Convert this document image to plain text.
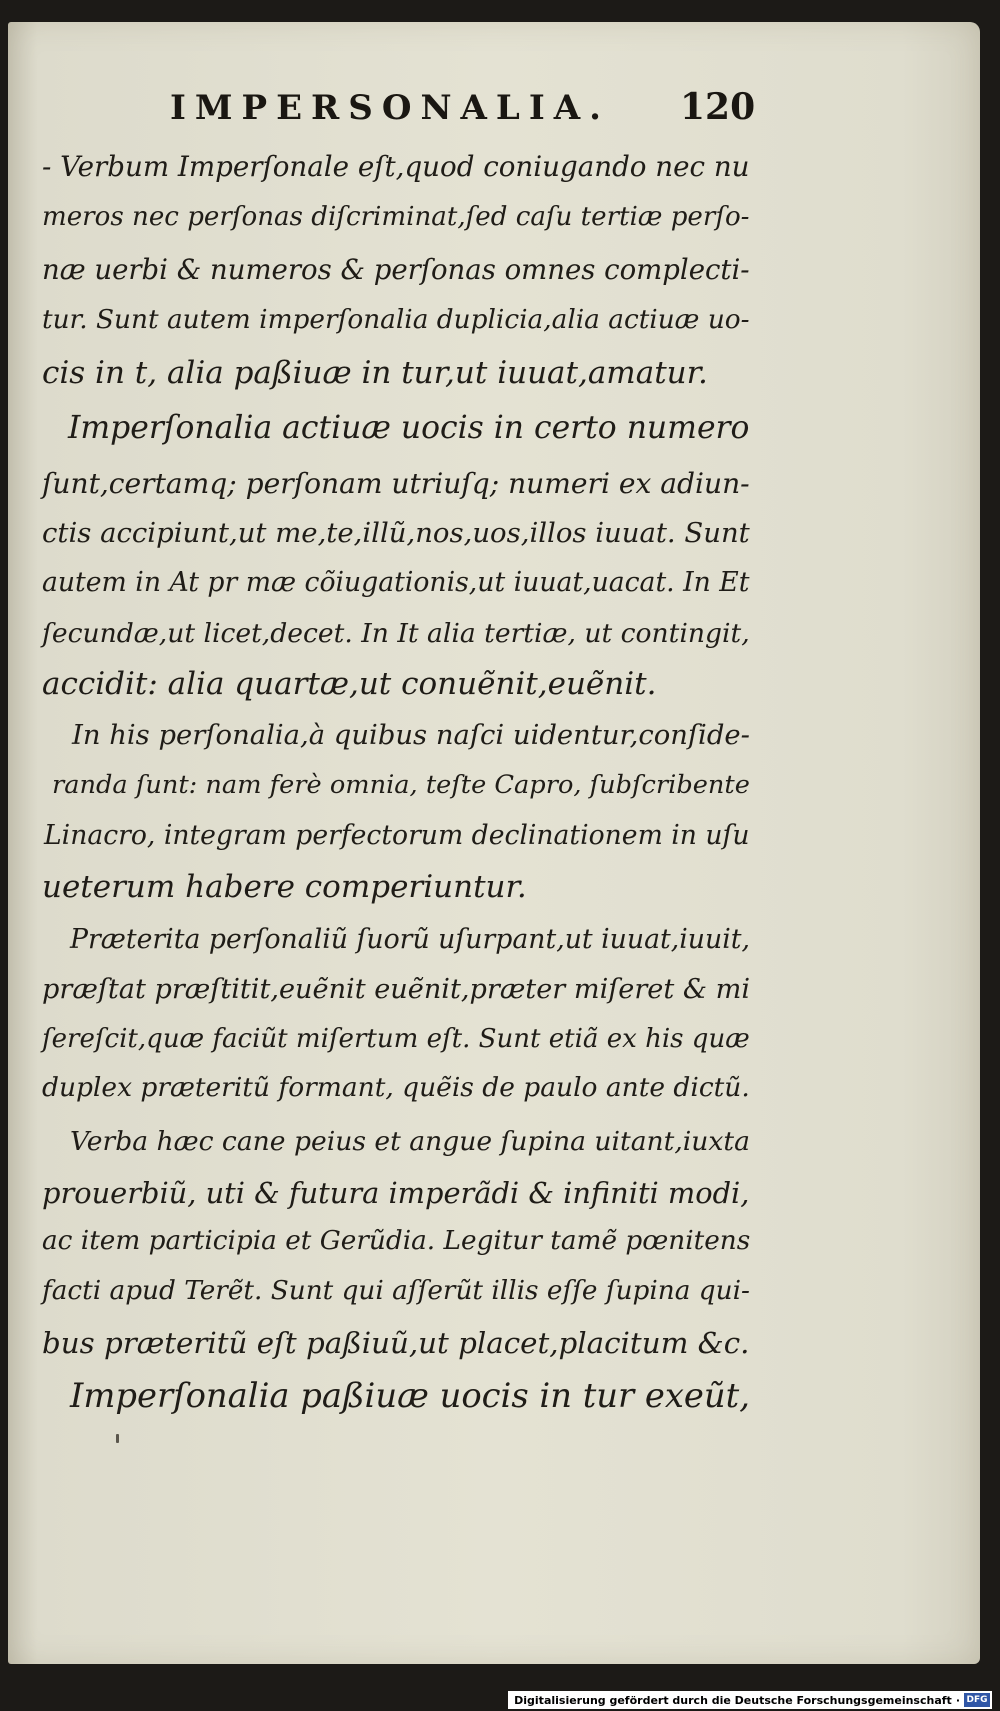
IMPERSONALIA. 120
- Verbum Imperſonale eſt,quod coniugando nec nu
meros nec perſonas diſcriminat,ſed caſu tertiæ perſo-
næ uerbi & numeros & perſonas omnes complecti-
tur. Sunt autem imperſonalia duplicia,alia actiuæ uo-
cis in t, alia paßiuæ in tur,ut iuuat,amatur.
Imperſonalia actiuæ uocis in certo numero
ſunt,certamq; perſonam utriuſq; numeri ex adiun-
ctis accipiunt,ut me,te,illũ,nos,uos,illos iuuat. Sunt
autem in At pr mæ cõiugationis,ut iuuat,uacat. In Et
ſecundæ,ut licet,decet. In It alia tertiæ, ut contingit,
accidit: alia quartæ,ut conuẽnit,euẽnit.
In his perſonalia,à quibus naſci uidentur,conſide-
randa ſunt: nam ferè omnia, teſte Capro, ſubſcribente
Linacro, integram perfectorum declinationem in uſu
ueterum habere comperiuntur.
Præterita perſonaliũ ſuorũ uſurpant,ut iuuat,iuuit,
præſtat præſtitit,euẽnit euẽnit,præter miſeret & mi
ſereſcit,quæ faciũt miſertum eſt. Sunt etiã ex his quæ
duplex præteritũ formant, quẽis de paulo ante dictũ.
Verba hæc cane peius et angue ſupina uitant,iuxta
prouerbiũ, uti & futura imperãdi & infiniti modi,
ac item participia et Gerũdia. Legitur tamẽ pœnitens
facti apud Terẽt. Sunt qui aſſerũt illis eſſe ſupina qui-
bus præteritũ eſt paßiuũ,ut placet,placitum &c.
Imperſonalia paßiuæ uocis in tur exeũt,
Digitalisierung gefördert durch die Deutsche Forschungsgemeinschaft · DFG
